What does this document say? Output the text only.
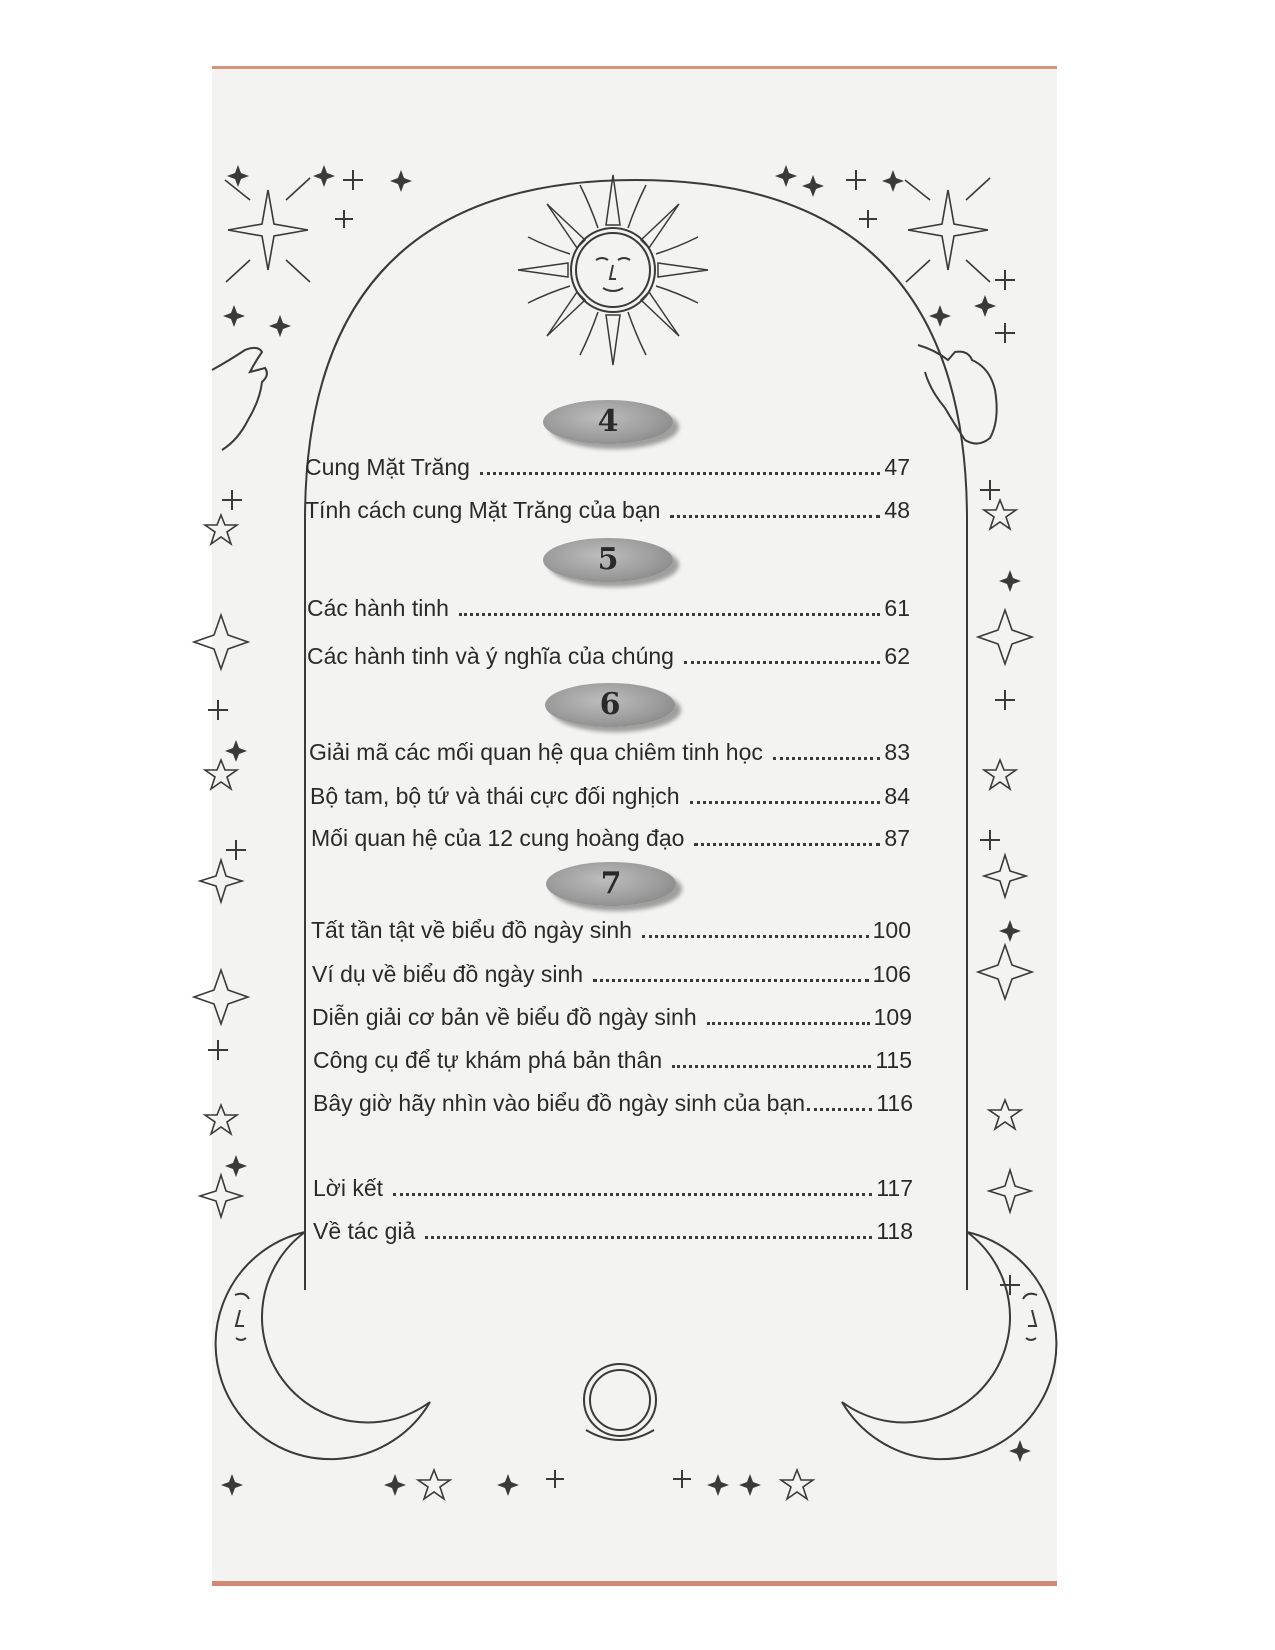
4
Cung Mặt Trăng	47
Tính cách cung Mặt Trăng của bạn	48
5
Các hành tinh	61
Các hành tinh và ý nghĩa của chúng	62
6
Giải mã các mối quan hệ qua chiêm tinh học	83
Bộ tam, bộ tứ và thái cực đối nghịch	84
Mối quan hệ của 12 cung hoàng đạo	87
7
Tất tần tật về biểu đồ ngày sinh	100
Ví dụ về biểu đồ ngày sinh	106
Diễn giải cơ bản về biểu đồ ngày sinh	109
Công cụ để tự khám phá bản thân	115
Bây giờ hãy nhìn vào biểu đồ ngày sinh của bạn	116
Lời kết	117
Về tác giả	118
